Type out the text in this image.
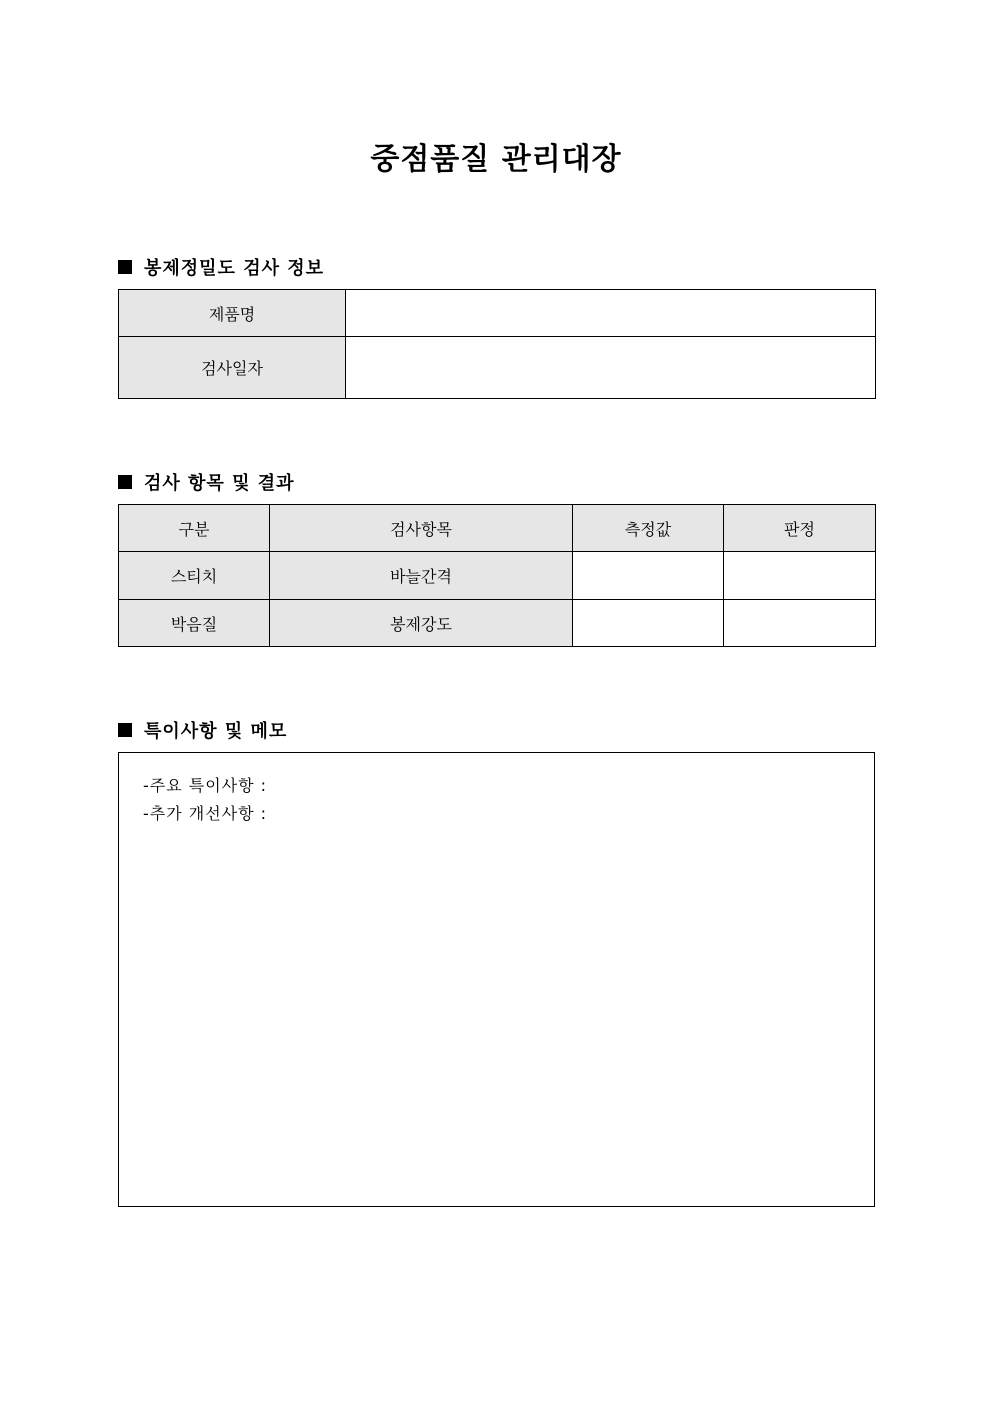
중점품질 관리대장
봉제정밀도 검사 정보
제품명	
검사일자	
검사 항목 및 결과
구분	검사항목	측정값	판정
스티치	바늘간격		
박음질	봉제강도		
특이사항 및 메모
-주요 특이사항 :
-추가 개선사항 :
